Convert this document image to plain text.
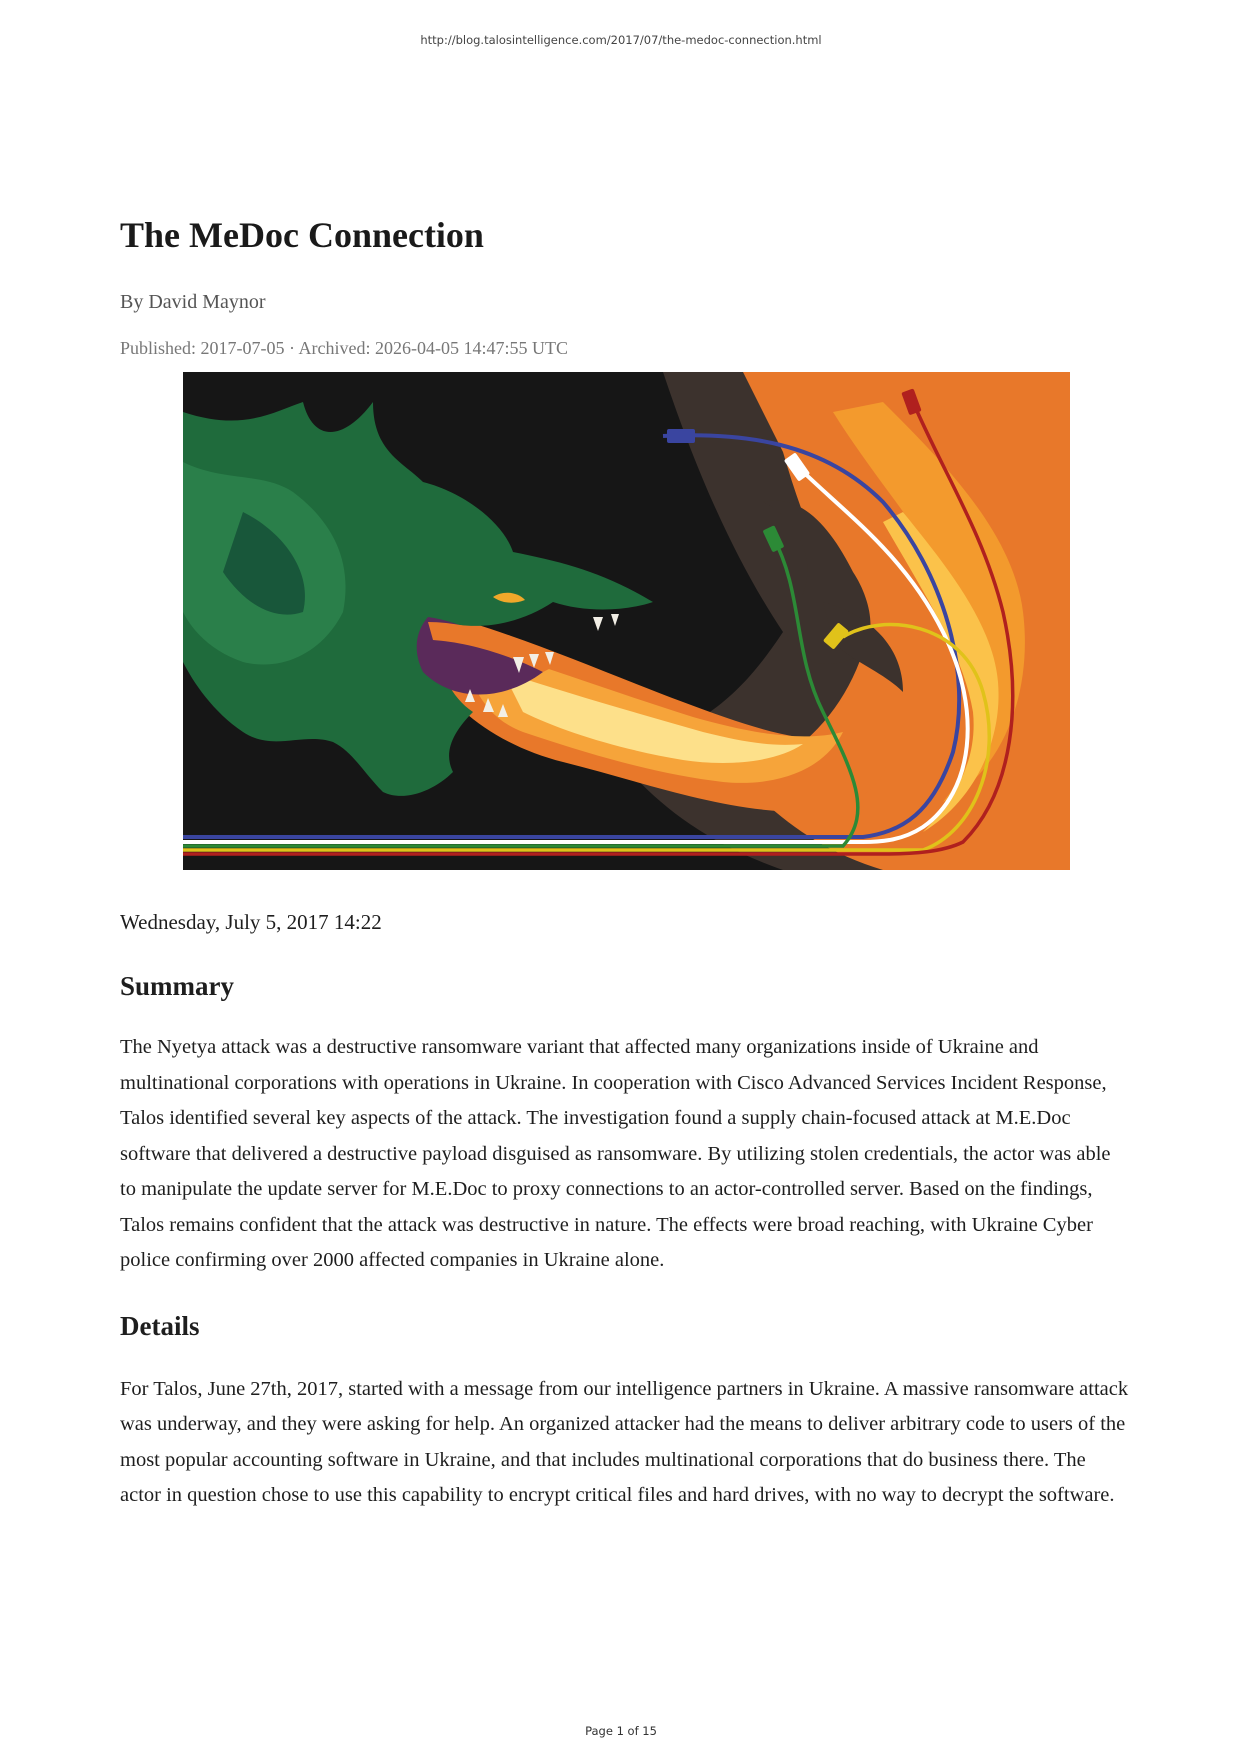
http://blog.talosintelligence.com/2017/07/the-medoc-connection.html
The MeDoc Connection
By David Maynor
Published: 2017-07-05 · Archived: 2026-04-05 14:47:55 UTC
Wednesday, July 5, 2017 14:22
Summary

The Nyetya attack was a destructive ransomware variant that affected many organizations inside of Ukraine and multinational corporations with operations in Ukraine. In cooperation with Cisco Advanced Services Incident Response, Talos identified several key aspects of the attack. The investigation found a supply chain-focused attack at M.E.Doc software that delivered a destructive payload disguised as ransomware. By utilizing stolen credentials, the actor was able to manipulate the update server for M.E.Doc to proxy connections to an actor-controlled server. Based on the findings, Talos remains confident that the attack was destructive in nature. The effects were broad reaching, with Ukraine Cyber police confirming over 2000 affected companies in Ukraine alone.

Details

For Talos, June 27th, 2017, started with a message from our intelligence partners in Ukraine. A massive ransomware attack was underway, and they were asking for help. An organized attacker had the means to deliver arbitrary code to users of the most popular accounting software in Ukraine, and that includes multinational corporations that do business there. The actor in question chose to use this capability to encrypt critical files and hard drives, with no way to decrypt the software.

Page 1 of 15
